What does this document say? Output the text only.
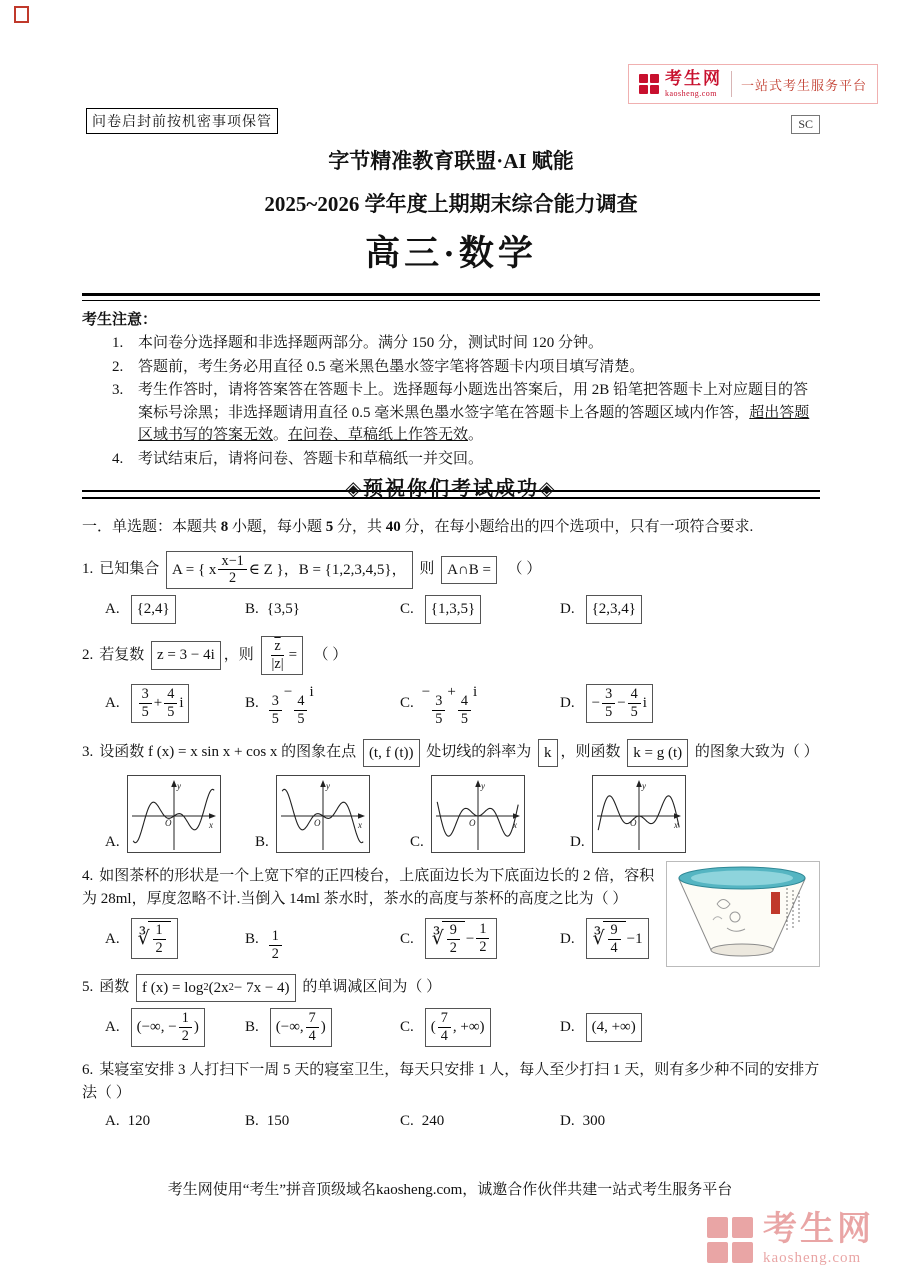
考生网
kaosheng.com
一站式考生服务平台
问卷启封前按机密事项保管	SC
字节精准教育联盟·AI 赋能
2025~2026 学年度上期期末综合能力调查
高三·数学
考生注意：
1. 本问卷分选择题和非选择题两部分。满分 150 分，测试时间 120 分钟。
2. 答题前，考生务必用直径 0.5 毫米黑色墨水签字笔将答题卡内项目填写清楚。
3. 考生作答时，请将答案答在答题卡上。选择题每小题选出答案后，用 2B 铅笔把答题卡上对应题目的答案标号涂黑；非选择题请用直径 0.5 毫米黑色墨水签字笔在答题卡上各题的答题区域内作答，超出答题区域书写的答案无效。在问卷、草稿纸上作答无效。
4. 考试结束后，请将问卷、答题卡和草稿纸一并交回。
◈预祝你们考试成功◈
一．单选题：本题共 8 小题，每小题 5 分，共 40 分，在每小题给出的四个选项中，只有一项符合要求.
1. 已知集合 A = { x $\frac{x-1}{2}$ ∈ Z }，B = {1,2,3,4,5}， 则 A∩B = 　（ ）
A. {2,4}	B. {3,5}	C. {1,3,5}	D. {2,3,4}
2. 若复数 z = 3 − 4i ，则 $\frac{\overline{z}}{|z|}$ = 　（ ）
A. $\frac{3}{5} + \frac{4}{5}$ i	B. $\frac{3}{5}$
−
$\frac{4}{5}$
i
C.
−
$\frac{3}{5}$
+
$\frac{4}{5}$
i
D. − $\frac{3}{5} - \frac{4}{5}$ i
3. 设函数 f (x) = x sin x + cos x 的图象在点 (t, f (t)) 处切线的斜率为 k ，则函数 k = g (t) 的图象大致为（ ）
A.
y
O	x
B.
y
O	x
C.
y
O	x
D.
y
O	x
4. 如图茶杯的形状是一个上宽下窄的正四棱台，上底面边长为下底面边长的 2 倍，容积为 28ml，厚度忽略不计.当倒入 14ml 茶水时，茶水的高度与茶杯的高度之比为（ ）
A. ∛ $\frac{1}{2}$	B. $\frac{1}{2}$	C. ∛ $\frac{9}{2} - \frac{1}{2}$	D. ∛ $\frac{9}{4} -1$
5. 函数 f (x) = log 2 (2x 2 − 7x − 4) 的单调减区间为（ ）
A. (−∞, − $\frac{1}{2}$ )	B. (−∞, $\frac{7}{4}$ )	C. ( $\frac{7}{4}$ , +∞)	D. (4, +∞)
6. 某寝室安排 3 人打扫下一周 5 天的寝室卫生，每天只安排 1 人，每人至少打扫 1 天，则有多少种不同的安排方法（ ）
A. 120	B. 150	C. 240	D. 300
考生网使用“考生”拼音顶级域名kaosheng.com，诚邀合作伙伴共建一站式考生服务平台
考生网
kaosheng.com
